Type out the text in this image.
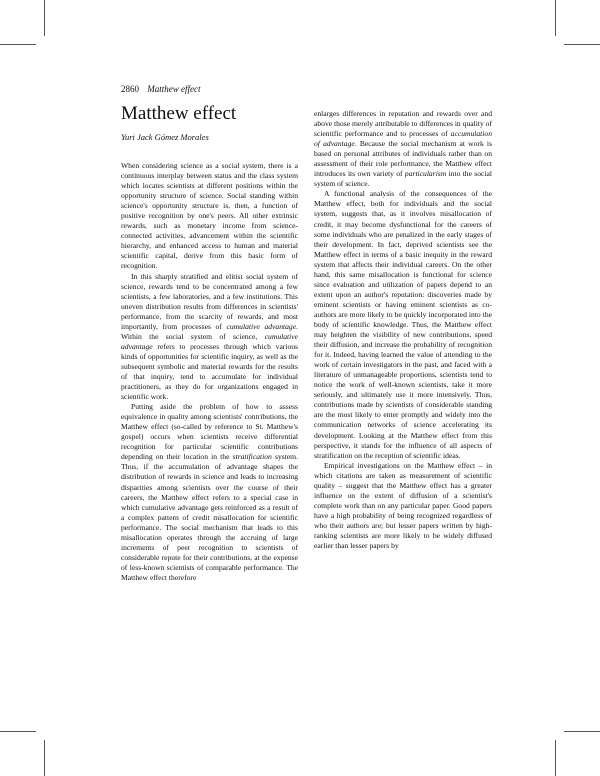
2860 Matthew effect
Matthew effect
Yuri Jack Gómez Morales

When considering science as a social system, there is a continuous interplay between status and the class system which locates scientists at different positions within the opportunity structure of science. Social standing within science's opportunity structure is, then, a function of positive recognition by one's peers. All other extrinsic rewards, such as monetary income from science-connected activities, advancement within the scientific hierarchy, and enhanced access to human and material scientific capital, derive from this basic form of recognition.

In this sharply stratified and elitist social system of science, rewards tend to be concentrated among a few scientists, a few laboratories, and a few institutions. This uneven distribution results from differences in scientists' performance, from the scarcity of rewards, and most importantly, from processes of cumulative advantage. Within the social system of science, cumulative advantage refers to processes through which various kinds of opportunities for scientific inquiry, as well as the subsequent symbolic and material rewards for the results of that inquiry, tend to accumulate for individual practitioners, as they do for organizations engaged in scientific work.

Putting aside the problem of how to assess equivalence in quality among scientists' contributions, the Matthew effect (so-called by reference to St. Matthew's gospel) occurs when scientists receive differential recognition for particular scientific contributions depending on their location in the stratification system. Thus, if the accumulation of advantage shapes the distribution of rewards in science and leads to increasing disparities among scientists over the course of their careers, the Matthew effect refers to a special case in which cumulative advantage gets reinforced as a result of a complex pattern of credit misallocation for scientific performance. The social mechanism that leads to this misallocation operates through the accruing of large increments of peer recognition to scientists of considerable repute for their contributions, at the expense of less-known scientists of comparable performance. The Matthew effect therefore

enlarges differences in reputation and rewards over and above those merely attributable to differences in quality of scientific performance and to processes of accumulation of advantage. Because the social mechanism at work is based on personal attributes of individuals rather than on assessment of their role performance, the Matthew effect introduces its own variety of particularism into the social system of science.

A functional analysis of the consequences of the Matthew effect, both for individuals and the social system, suggests that, as it involves misallocation of credit, it may become dysfunctional for the careers of some individuals who are penalized in the early stages of their development. In fact, deprived scientists see the Matthew effect in terms of a basic inequity in the reward system that affects their individual careers. On the other hand, this same misallocation is functional for science since evaluation and utilization of papers depend to an extent upon an author's reputation: discoveries made by eminent scientists or having eminent scientists as co-authors are more likely to be quickly incorporated into the body of scientific knowledge. Thus, the Matthew effect may heighten the visibility of new contributions, speed their diffusion, and increase the probability of recognition for it. Indeed, having learned the value of attending to the work of certain investigators in the past, and faced with a literature of unmanageable proportions, scientists tend to notice the work of well-known scientists, take it more seriously, and ultimately use it more intensively. Thus, contributions made by scientists of considerable standing are the most likely to enter promptly and widely into the communication networks of science accelerating its development. Looking at the Matthew effect from this perspective, it stands for the influence of all aspects of stratification on the reception of scientific ideas.

Empirical investigations on the Matthew effect – in which citations are taken as measurement of scientific quality – suggest that the Matthew effect has a greater influence on the extent of diffusion of a scientist's complete work than on any particular paper. Good papers have a high probability of being recognized regardless of who their authors are; but lesser papers written by high-ranking scientists are more likely to be widely diffused earlier than lesser papers by
